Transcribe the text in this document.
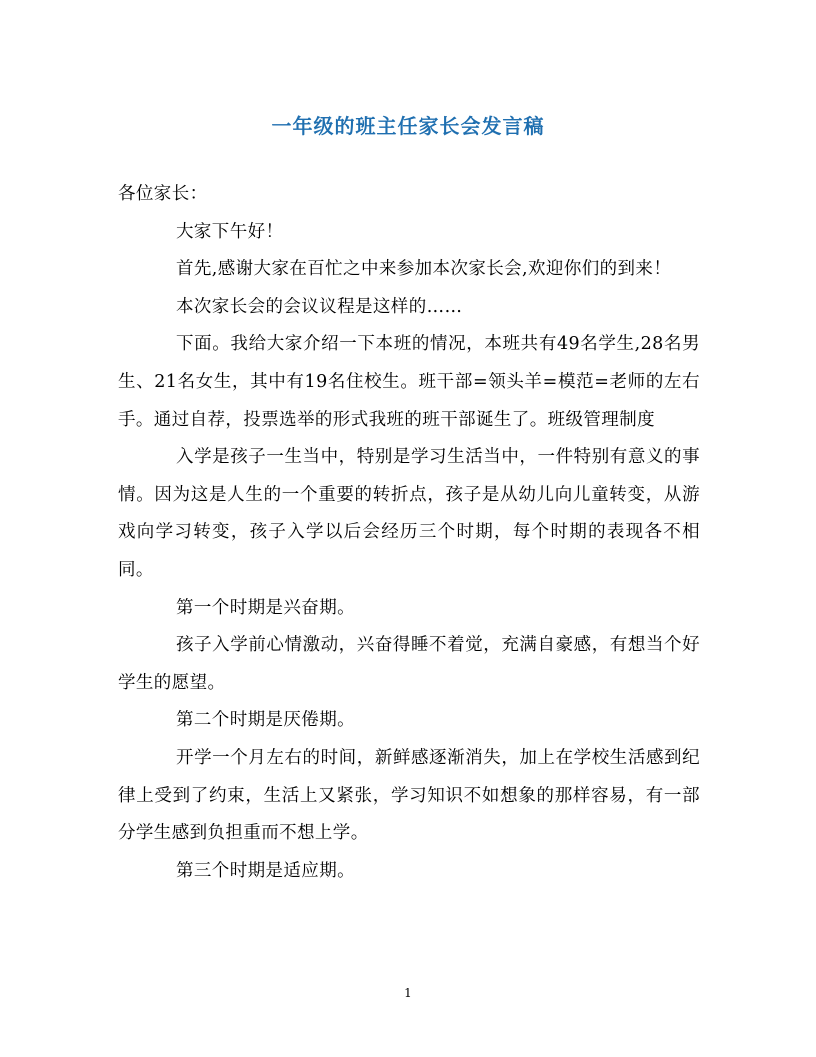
一年级的班主任家长会发言稿

各位家长：

大家下午好！

首先,感谢大家在百忙之中来参加本次家长会,欢迎你们的到来！

本次家长会的会议议程是这样的……

下面。我给大家介绍一下本班的情况，本班共有49名学生,28名男生、21名女生，其中有19名住校生。班干部=领头羊=模范=老师的左右手。通过自荐，投票选举的形式我班的班干部诞生了。班级管理制度

入学是孩子一生当中，特别是学习生活当中，一件特别有意义的事情。因为这是人生的一个重要的转折点，孩子是从幼儿向儿童转变，从游戏向学习转变，孩子入学以后会经历三个时期，每个时期的表现各不相同。

第一个时期是兴奋期。

孩子入学前心情激动，兴奋得睡不着觉，充满自豪感，有想当个好学生的愿望。

第二个时期是厌倦期。

开学一个月左右的时间，新鲜感逐渐消失，加上在学校生活感到纪律上受到了约束，生活上又紧张，学习知识不如想象的那样容易，有一部分学生感到负担重而不想上学。

第三个时期是适应期。

1
